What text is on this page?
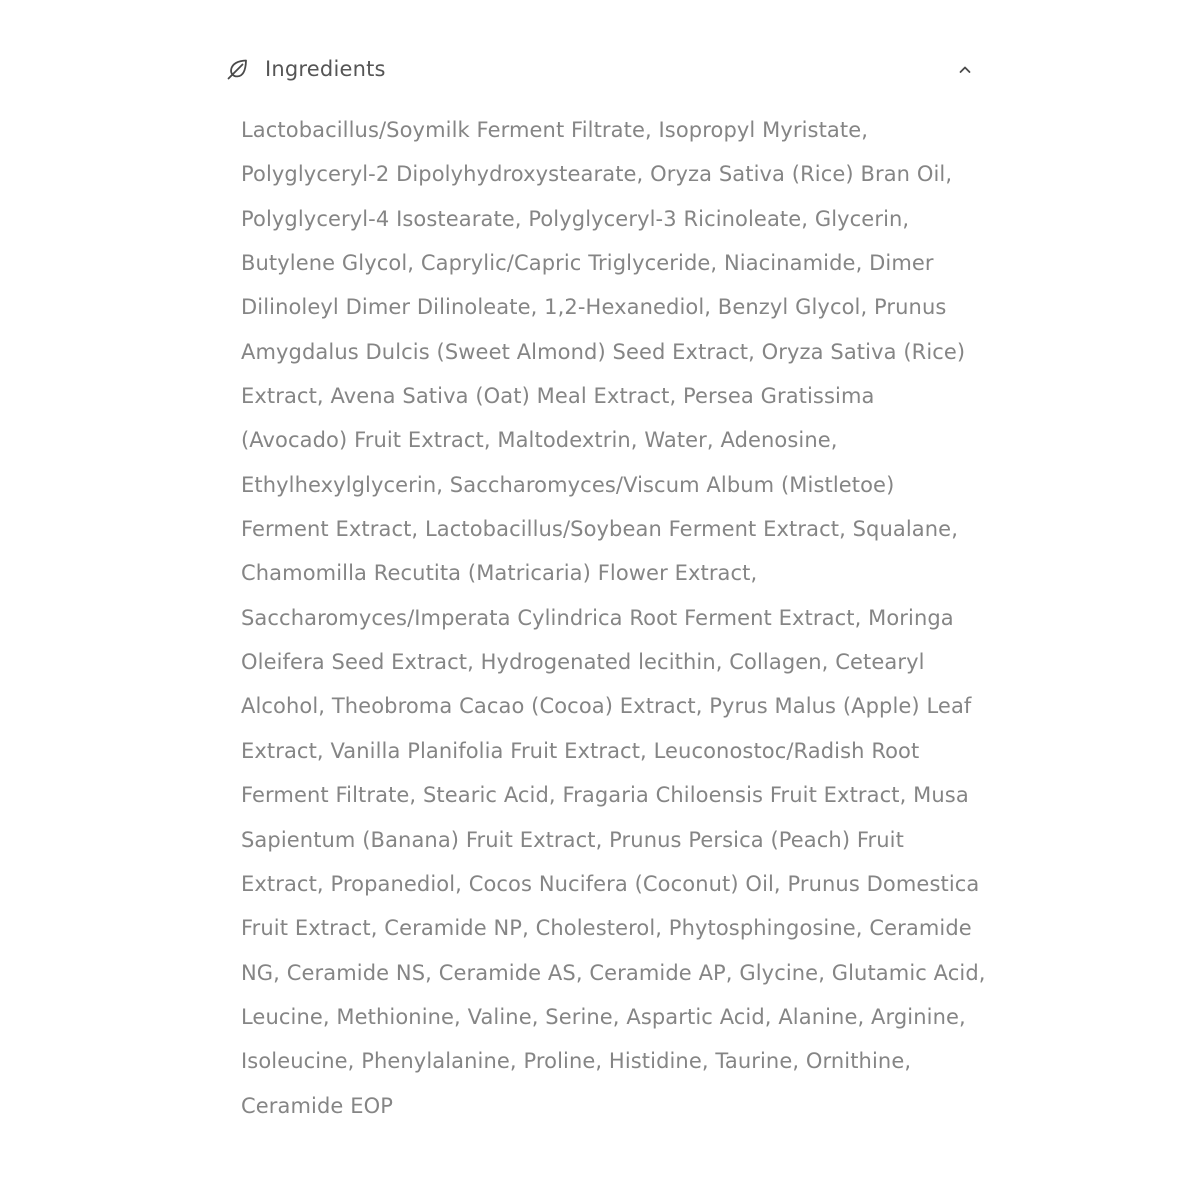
Ingredients

Lactobacillus/Soymilk Ferment Filtrate, Isopropyl Myristate, Polyglyceryl-2 Dipolyhydroxystearate, Oryza Sativa (Rice) Bran Oil, Polyglyceryl-4 Isostearate, Polyglyceryl-3 Ricinoleate, Glycerin, Butylene Glycol, Caprylic/Capric Triglyceride, Niacinamide, Dimer Dilinoleyl Dimer Dilinoleate, 1,2-Hexanediol, Benzyl Glycol, Prunus Amygdalus Dulcis (Sweet Almond) Seed Extract, Oryza Sativa (Rice) Extract, Avena Sativa (Oat) Meal Extract, Persea Gratissima (Avocado) Fruit Extract, Maltodextrin, Water, Adenosine, Ethylhexylglycerin, Saccharomyces/Viscum Album (Mistletoe) Ferment Extract, Lactobacillus/Soybean Ferment Extract, Squalane, Chamomilla Recutita (Matricaria) Flower Extract, Saccharomyces/Imperata Cylindrica Root Ferment Extract, Moringa Oleifera Seed Extract, Hydrogenated lecithin, Collagen, Cetearyl Alcohol, Theobroma Cacao (Cocoa) Extract, Pyrus Malus (Apple) Leaf Extract, Vanilla Planifolia Fruit Extract, Leuconostoc/Radish Root Ferment Filtrate, Stearic Acid, Fragaria Chiloensis Fruit Extract, Musa Sapientum (Banana) Fruit Extract, Prunus Persica (Peach) Fruit Extract, Propanediol, Cocos Nucifera (Coconut) Oil, Prunus Domestica Fruit Extract, Ceramide NP, Cholesterol, Phytosphingosine, Ceramide NG, Ceramide NS, Ceramide AS, Ceramide AP, Glycine, Glutamic Acid, Leucine, Methionine, Valine, Serine, Aspartic Acid, Alanine, Arginine, Isoleucine, Phenylalanine, Proline, Histidine, Taurine, Ornithine, Ceramide EOP
